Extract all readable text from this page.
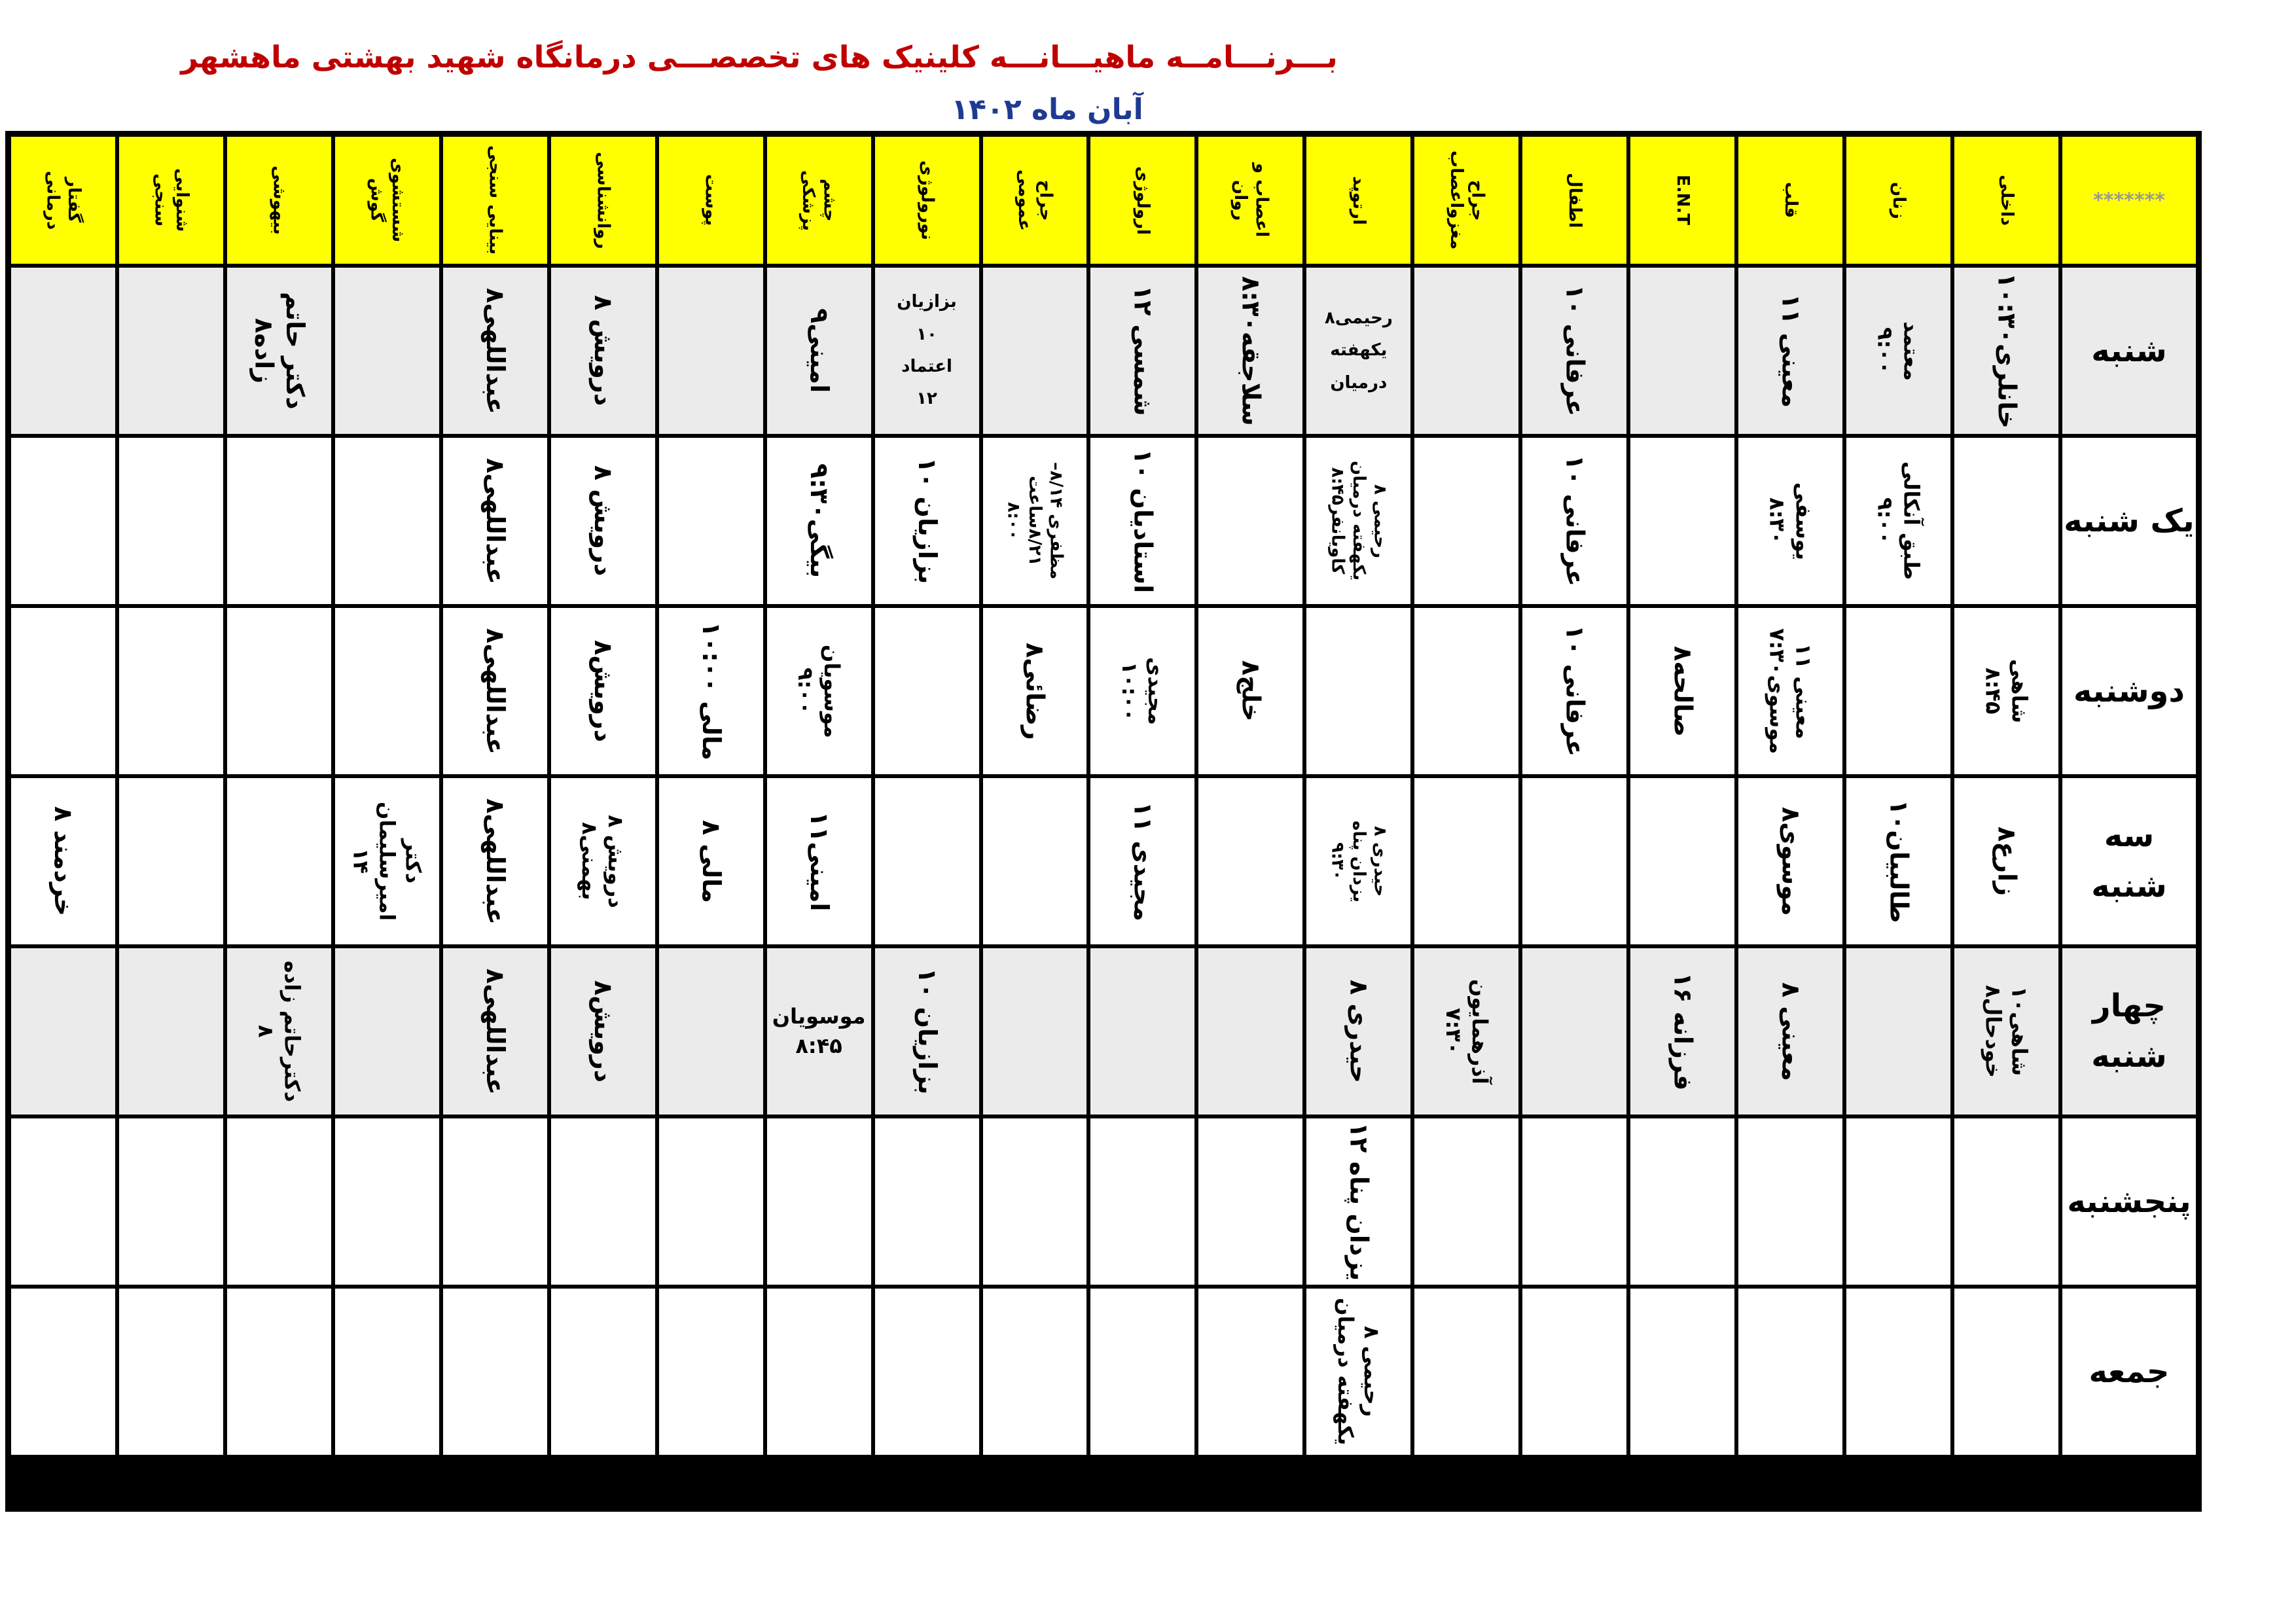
بـــرنـــامــه ماهیـــانـــه کلینیک های تخصصـــی درمانگاه شهید بهشتی ماهشهر
آبان ماه ۱۴۰۲
*******
داخلی
زنان
قلب
E.N.T
اطفال
جراح
مغزواعصاب
ارتوپد
اعصاب و
روان
ارولوژی
جراح
عمومی
نورولوژی
چشم
پزشکی
پوست
روانشناسی
بینایی سنجی
شستشوی
گوش
بیهوشی
شنوایی
سنجی
گفتار
درمانی
شنبه
خانلری۱۰:۳۰
معتمد
۹:۰۰
معینی ۱۱
عرفانی ۱۰
رحیمی۸
یکهفته
درمیان
سلاجقه۸:۳۰
شمسی ۱۲
بزازیان
۱۰
اعتماد
۱۲
امینی۹
درویش ۸
عبداللهی۸
دکتر حاتم زاده۸
یک شنبه
طبق آنکالی
۹:۰۰
یوسفی
۸:۳۰
عرفانی ۱۰
رحیمی ۸
یکهفته درمیان
کاویانفر۸:۴۵
استادیان ۱۰
مظفری ۸/۱۴–
۸/۲۱ساعت
۸:۰۰
بزازیان ۱۰
بیگی۹:۳۰
درویش ۸
عبداللهی۸
دوشنبه
شاهی
۸:۴۵
معینی ۱۱
موسوی۷:۳۰
صالحه۸
عرفانی ۱۰
خلج۸
مجیدی
۱۰:۰۰
رضائی۸
موسویان
۹:۰۰
مالی ۱۰:۰۰
درویش۸
عبداللهی۸
سه شنبه
زارع۸
طالبیان۱۰
موسوی۸
حیدری ۸
یزدان پناه
۹:۳۰
مجیدی ۱۱
امینی۱۱
مالی ۸
درویش ۸
بهمنی۸
عبداللهی۸
دکتر امیرسلیمان
۱۴
خردمند ۸
چهار شنبه
شاهی۱۰
خودحال۸
معینی ۸
فرزانه ۱۶
آذرهمایون
۷:۳۰
حیدری ۸
بزازیان ۱۰
موسویان
۸:۴۵
درویش۸
عبداللهی۸
دکترحاتم زاده
۸
پنجشنبه
یزدان پناه ۱۲
جمعه
رحیمی ۸
یکهفته درمیان
